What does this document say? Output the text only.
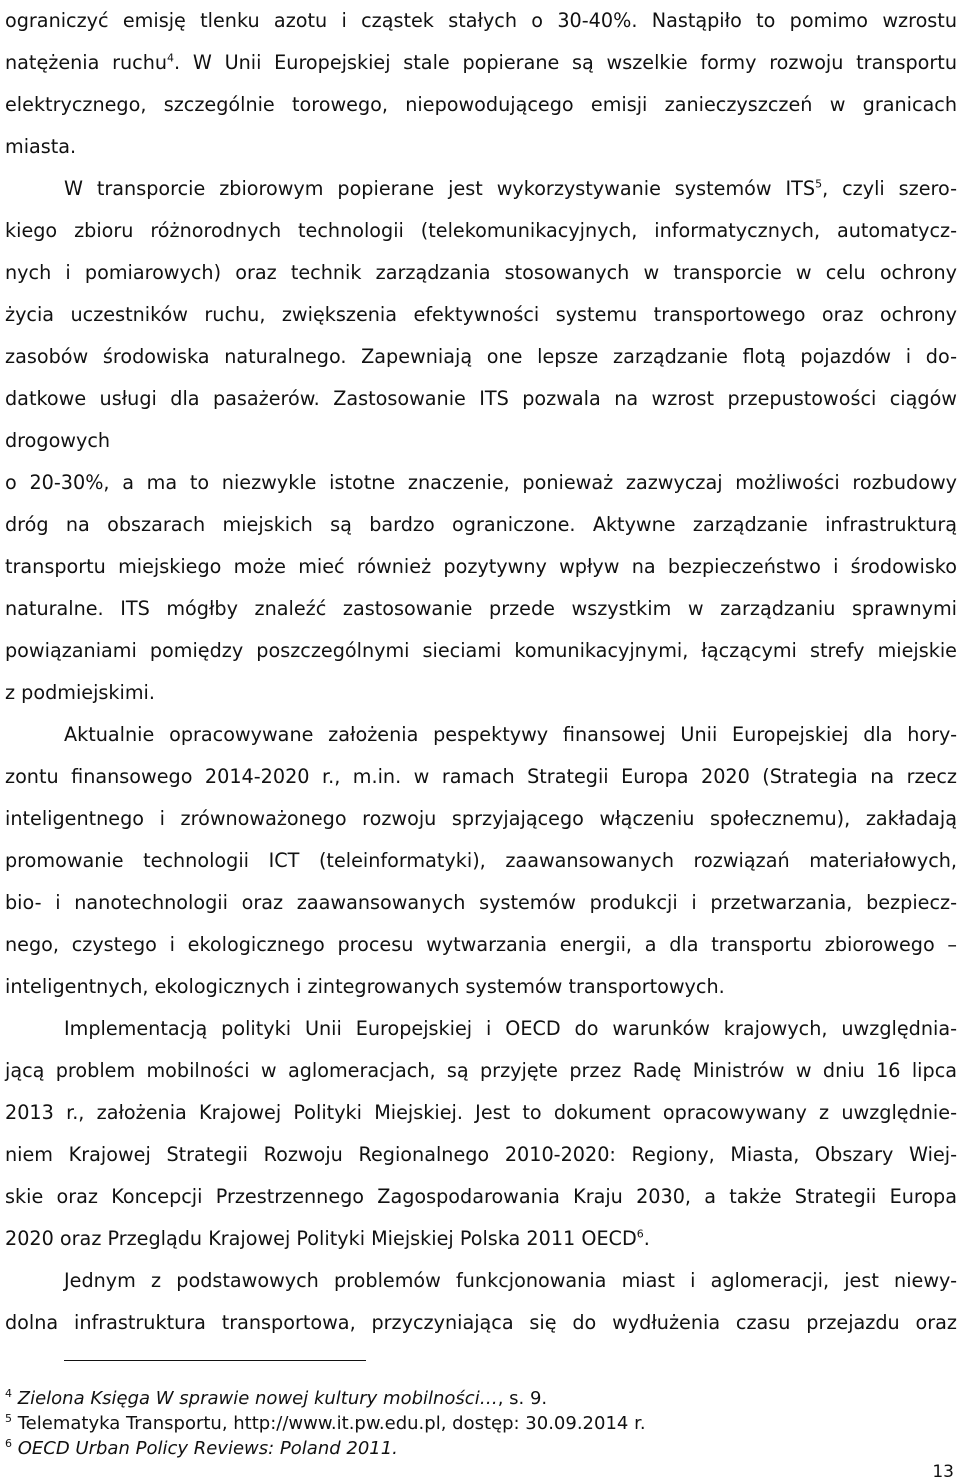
ograniczyć emisję tlenku azotu i cząstek stałych o 30-40%. Nastąpiło to pomimo wzrostu
natężenia ruchu$^4$. W Unii Europejskiej stale popierane są wszelkie formy rozwoju transportu
elektrycznego, szczególnie torowego, niepowodującego emisji zanieczyszczeń w granicach
miasta.
W transporcie zbiorowym popierane jest wykorzystywanie systemów ITS$^5$, czyli szero-
kiego zbioru różnorodnych technologii (telekomunikacyjnych, informatycznych, automatycz-
nych i pomiarowych) oraz technik zarządzania stosowanych w transporcie w celu ochrony
życia uczestników ruchu, zwiększenia efektywności systemu transportowego oraz ochrony
zasobów środowiska naturalnego. Zapewniają one lepsze zarządzanie flotą pojazdów i do-
datkowe usługi dla pasażerów. Zastosowanie ITS pozwala na wzrost przepustowości ciągów
drogowych
o 20-30%, a ma to niezwykle istotne znaczenie, ponieważ zazwyczaj możliwości rozbudowy
dróg na obszarach miejskich są bardzo ograniczone. Aktywne zarządzanie infrastrukturą
transportu miejskiego może mieć również pozytywny wpływ na bezpieczeństwo i środowisko
naturalne. ITS mógłby znaleźć zastosowanie przede wszystkim w zarządzaniu sprawnymi
powiązaniami pomiędzy poszczególnymi sieciami komunikacyjnymi, łączącymi strefy miejskie
z podmiejskimi.
Aktualnie opracowywane założenia pespektywy finansowej Unii Europejskiej dla hory-
zontu finansowego 2014-2020 r., m.in. w ramach Strategii Europa 2020 (Strategia na rzecz
inteligentnego i zrównoważonego rozwoju sprzyjającego włączeniu społecznemu), zakładają
promowanie technologii ICT (teleinformatyki), zaawansowanych rozwiązań materiałowych,
bio- i nanotechnologii oraz zaawansowanych systemów produkcji i przetwarzania, bezpiecz-
nego, czystego i ekologicznego procesu wytwarzania energii, a dla transportu zbiorowego –
inteligentnych, ekologicznych i zintegrowanych systemów transportowych.
Implementacją polityki Unii Europejskiej i OECD do warunków krajowych, uwzględnia-
jącą problem mobilności w aglomeracjach, są przyjęte przez Radę Ministrów w dniu 16 lipca
2013 r., założenia Krajowej Polityki Miejskiej. Jest to dokument opracowywany z uwzględnie-
niem Krajowej Strategii Rozwoju Regionalnego 2010-2020: Regiony, Miasta, Obszary Wiej-
skie oraz Koncepcji Przestrzennego Zagospodarowania Kraju 2030, a także Strategii Europa
2020 oraz Przeglądu Krajowej Polityki Miejskiej Polska 2011 OECD$^6$.
Jednym z podstawowych problemów funkcjonowania miast i aglomeracji, jest niewy-
dolna infrastruktura transportowa, przyczyniająca się do wydłużenia czasu przejazdu oraz
$^4$ Zielona Księga W sprawie nowej kultury mobilności…, s. 9.
$^5$ Telematyka Transportu, http://www.it.pw.edu.pl, dostęp: 30.09.2014 r.
$^6$ OECD Urban Policy Reviews: Poland 2011.
13
